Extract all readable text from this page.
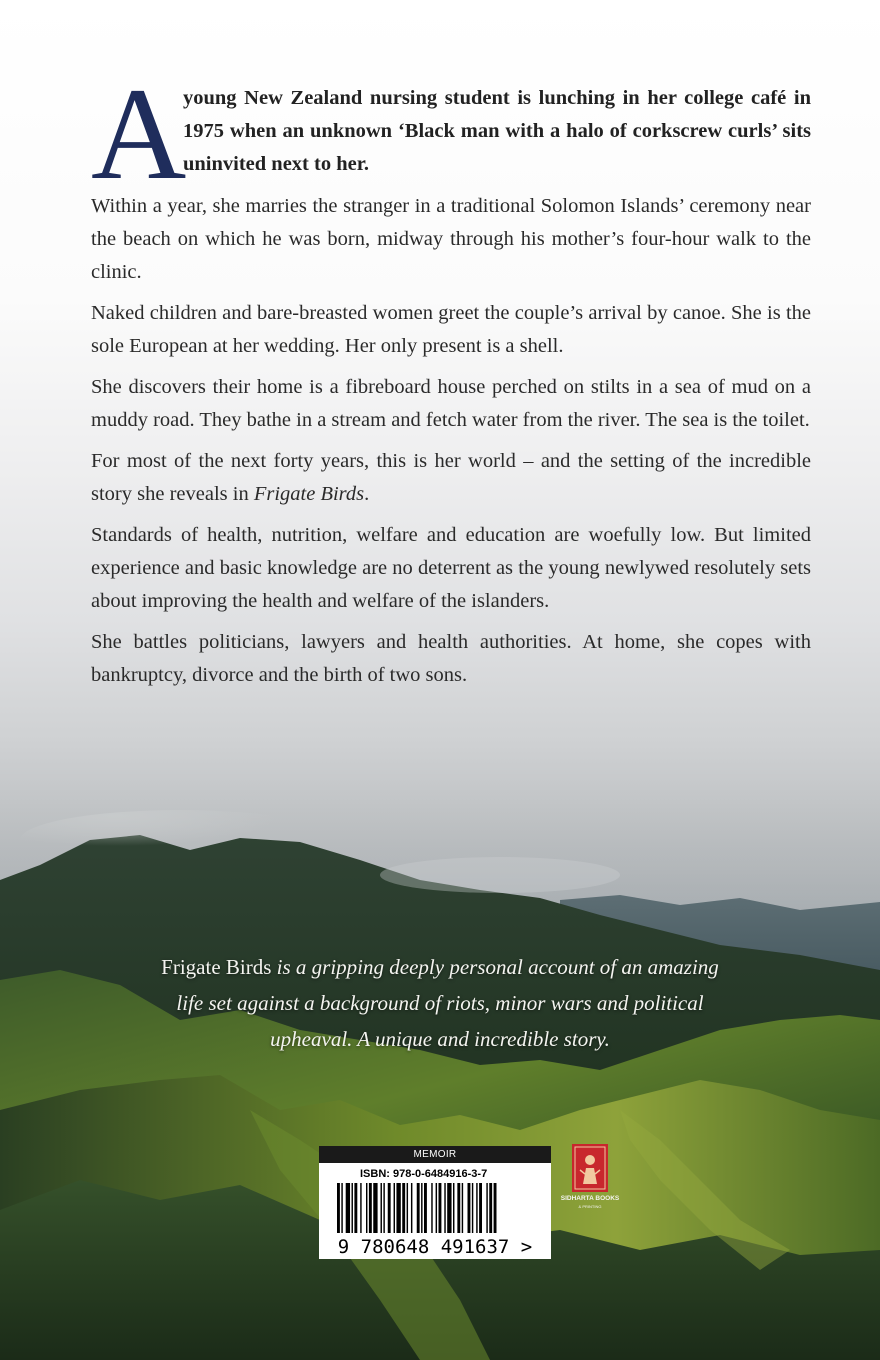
A
young New Zealand nursing student is lunching in her college café in 1975 when an unknown ‘Black man with a halo of corkscrew curls’ sits uninvited next to her.

Within a year, she marries the stranger in a traditional Solomon Islands’ ceremony near the beach on which he was born, midway through his mother’s four-hour walk to the clinic.

Naked children and bare-breasted women greet the couple’s arrival by canoe. She is the sole European at her wedding. Her only present is a shell.

She discovers their home is a fibreboard house perched on stilts in a sea of mud on a muddy road. They bathe in a stream and fetch water from the river. The sea is the toilet.

For most of the next forty years, this is her world – and the setting of the incredible story she reveals in Frigate Birds.

Standards of health, nutrition, welfare and education are woefully low. But limited experience and basic knowledge are no deterrent as the young newlywed resolutely sets about improving the health and welfare of the islanders.

She battles politicians, lawyers and health authorities. At home, she copes with bankruptcy, divorce and the birth of two sons.

Frigate Birds is a gripping deeply personal account of an amazing life set against a background of riots, minor wars and political upheaval. A unique and incredible story.
MEMOIR
ISBN: 978-0-6484916-3-7
9 780648 491637 >
SIDHARTA BOOKS
& PRINTING
